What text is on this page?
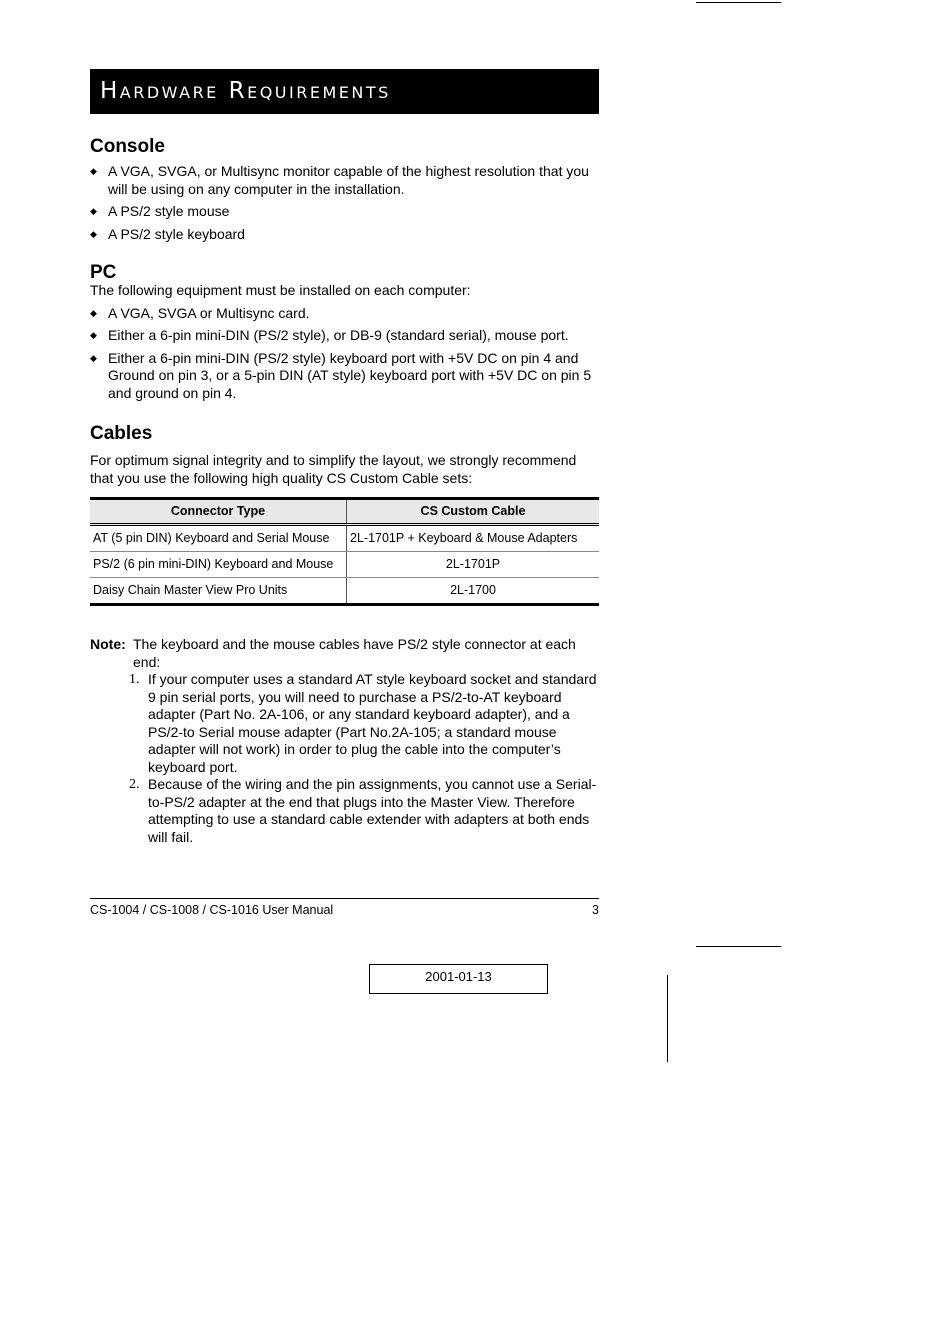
Hardware Requirements
Console
◆ A VGA, SVGA, or Multisync monitor capable of the highest resolution that you will be using on any computer in the installation.
◆ A PS/2 style mouse
◆ A PS/2 style keyboard
PC

The following equipment must be installed on each computer:

◆ A VGA, SVGA or Multisync card.
◆ Either a 6-pin mini-DIN (PS/2 style), or DB-9 (standard serial), mouse port.
◆ Either a 6-pin mini-DIN (PS/2 style) keyboard port with +5V DC on pin 4 and Ground on pin 3, or a 5-pin DIN (AT style) keyboard port with +5V DC on pin 5 and ground on pin 4.
Cables

For optimum signal integrity and to simplify the layout, we strongly recommend that you use the following high quality CS Custom Cable sets:

Connector Type	CS Custom Cable
AT (5 pin DIN) Keyboard and Serial Mouse	2L-1701P + Keyboard & Mouse Adapters
PS/2 (6 pin mini-DIN) Keyboard and Mouse	2L-1701P
Daisy Chain Master View Pro Units	2L-1700
Note: The keyboard and the mouse cables have PS/2 style connector at each end:

1. If your computer uses a standard AT style keyboard socket and standard 9 pin serial ports, you will need to purchase a PS/2-to-AT keyboard adapter (Part No. 2A-106, or any standard keyboard adapter), and a PS/2-to Serial mouse adapter (Part No.2A-105; a standard mouse adapter will not work) in order to plug the cable into the computer’s keyboard port.
2. Because of the wiring and the pin assignments, you cannot use a Serial-to-PS/2 adapter at the end that plugs into the Master View. Therefore attempting to use a standard cable extender with adapters at both ends will fail.
CS-1004 / CS-1008 / CS-1016 User Manual	3
2001-01-13
